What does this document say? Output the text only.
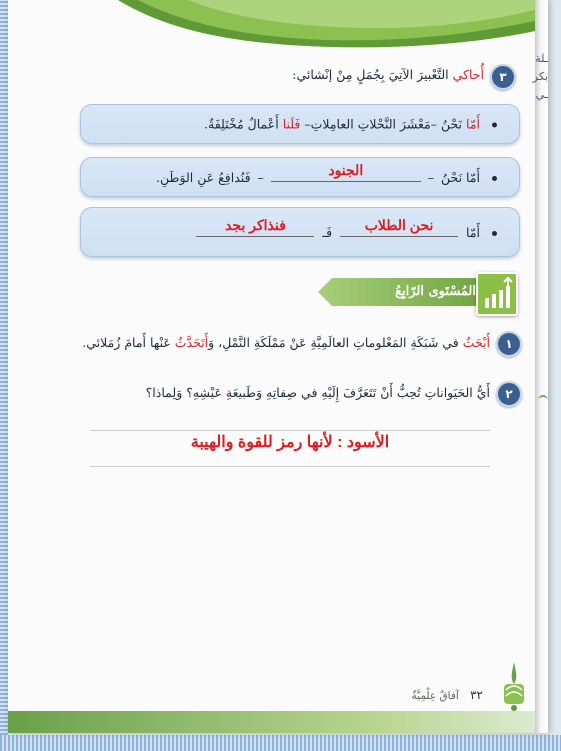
ـلة
بكر
ـي
٣
أُحاكي التَّعْبيرَ الآتِيَ بِجُمَلٍ مِنْ إنْشائي:
أَمّا نَحْنُ –مَعْشَرَ النَّحْلاتِ العامِلاتِ– فَلَنا أَعْمالٌ مُخْتَلِفَةٌ.
أَمّا نَحْنُ –
الجنود
– فَنُدافِعُ عَنِ الوَطَنِ.
أَمّا
نحن الطلاب
فَـ
فنذاكر بجد
المُسْتَوى الرّابِعُ
١
أَبْحَثُ في شَبَكَةِ المَعْلوماتِ العالَمِيَّةِ عَنْ مَمْلَكَةِ النَّمْلِ، وَأَتَحَدَّثُ عَنْها أَمامَ زُمَلائي.
٢
أَيُّ الحَيَواناتِ تُحِبُّ أَنْ تَتَعَرَّفَ إِلَيْهِ في صِفاتِهِ وَطَبيعَةِ عَيْشِهِ؟ وَلِماذا؟
الأسود : لأنها رمز للقوة والهيبة
٣٢ آفاقٌ عِلْمِيَّةٌ
